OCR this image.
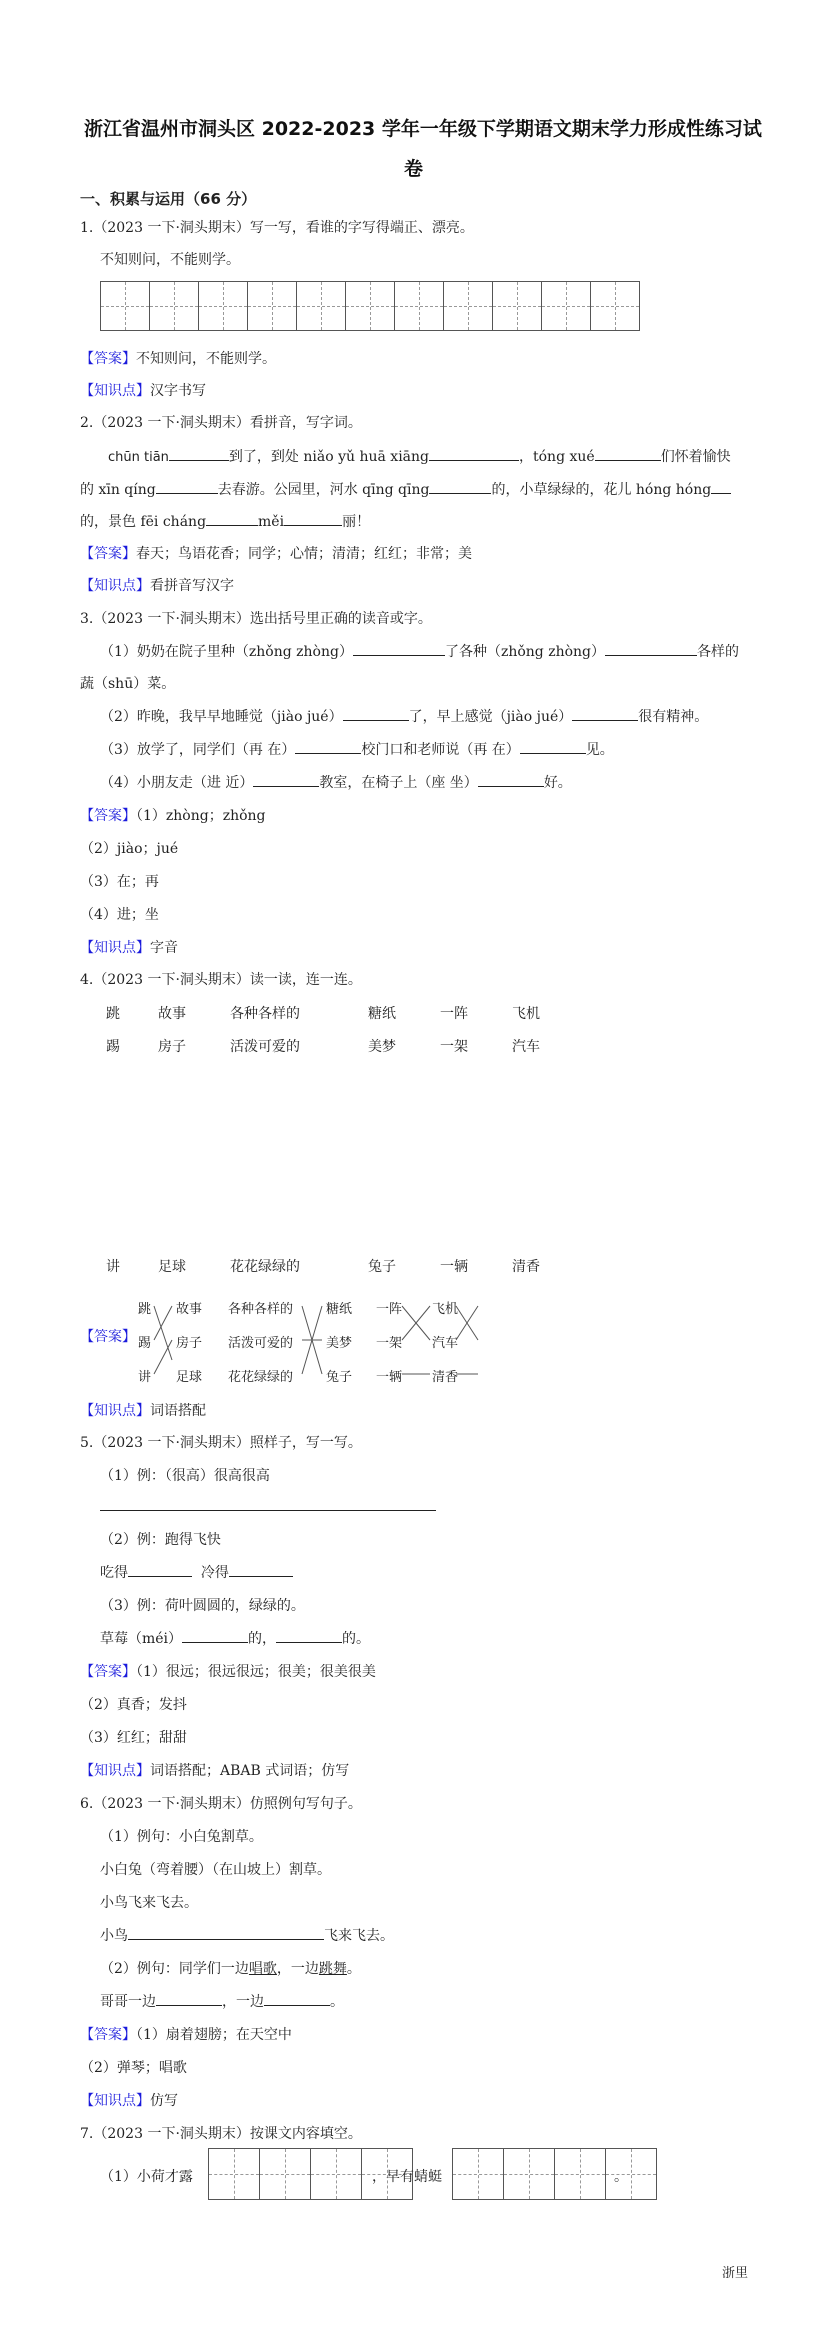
浙江省温州市洞头区 2022-2023 学年一年级下学期语文期末学力形成性练习试
卷
一、积累与运用（66 分）
1.（2023 一下·洞头期末）写一写，看谁的字写得端正、漂亮。
不知则问，不能则学。
【答案】不知则问，不能则学。
【知识点】汉字书写
2.（2023 一下·洞头期末）看拼音，写字词。
chūn tiān	到了，到处 niǎo yǔ huā xiāng	，tóng xué	们怀着愉快
的 xīn qíng	去春游。公园里，河水 qīng qīng	的，小草绿绿的，花儿 hóng hóng
的，景色 fēi cháng	měi	丽！
【答案】春天；鸟语花香；同学；心情；清清；红红；非常；美
【知识点】看拼音写汉字
3.（2023 一下·洞头期末）选出括号里正确的读音或字。
（1）奶奶在院子里种（zhǒng zhòng）	了各种（zhǒng zhòng）	各样的
蔬（shū）菜。
（2）昨晚，我早早地睡觉（jiào jué）	了，早上感觉（jiào jué）	很有精神。
（3）放学了，同学们（再 在）	校门口和老师说（再 在）	见。
（4）小朋友走（进 近）	教室，在椅子上（座 坐）	好。
【答案】（1）zhòng；zhǒng
（2）jiào；jué
（3）在；再
（4）进；坐
【知识点】字音
4.（2023 一下·洞头期末）读一读，连一连。
跳	故事	各种各样的	糖纸	一阵	飞机
踢	房子	活泼可爱的	美梦	一架	汽车
讲	足球	花花绿绿的	兔子	一辆	清香
【答案】
跳 故事 各种各样的	糖纸 一阵 飞机
踢 房子 活泼可爱的	美梦 一架 汽车
讲 足球 花花绿绿的	兔子 一辆 清香
【知识点】词语搭配
5.（2023 一下·洞头期末）照样子，写一写。
（1）例：（很高）很高很高
（2）例：跑得飞快
吃得	冷得
（3）例：荷叶圆圆的，绿绿的。
草莓（méi）	的，	的。
【答案】（1）很远；很远很远；很美；很美很美
（2）真香；发抖
（3）红红；甜甜
【知识点】词语搭配；ABAB 式词语；仿写
6.（2023 一下·洞头期末）仿照例句写句子。
（1）例句：小白兔割草。
小白兔（弯着腰）（在山坡上）割草。
小鸟飞来飞去。
小鸟	飞来飞去。
（2）例句：同学们一边唱歌，一边跳舞。
哥哥一边	，一边	。
【答案】（1）扇着翅膀；在天空中
（2）弹琴；唱歌
【知识点】仿写
7.（2023 一下·洞头期末）按课文内容填空。
（1）小荷才露	，早有蜻蜓	。
浙里
